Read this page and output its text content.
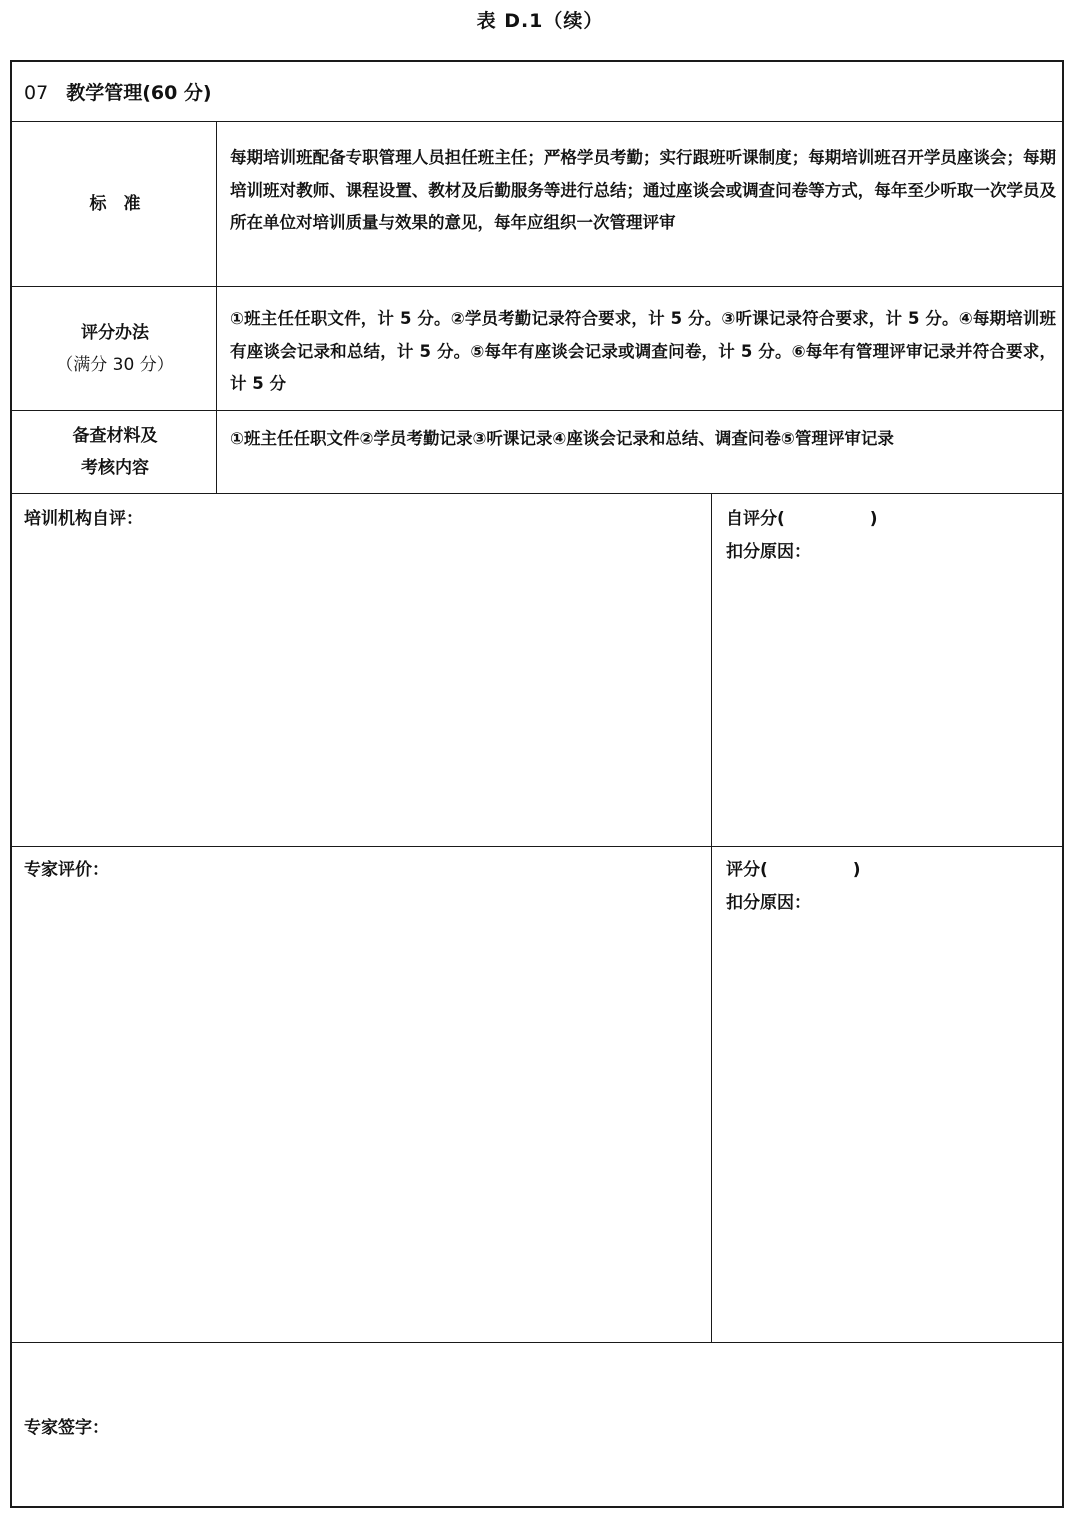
表 D.1（续）
07 教学管理(60 分)
标　准
每期培训班配备专职管理人员担任班主任；严格学员考勤；实行跟班听课制度；每期培训班召开学员座谈会；每期培训班对教师、课程设置、教材及后勤服务等进行总结；通过座谈会或调查问卷等方式，每年至少听取一次学员及所在单位对培训质量与效果的意见，每年应组织一次管理评审
评分办法
（满分 30 分）
①班主任任职文件，计 5 分。②学员考勤记录符合要求，计 5 分。③听课记录符合要求，计 5 分。④每期培训班有座谈会记录和总结，计 5 分。⑤每年有座谈会记录或调查问卷，计 5 分。⑥每年有管理评审记录并符合要求，计 5 分
备查材料及
考核内容
①班主任任职文件②学员考勤记录③听课记录④座谈会记录和总结、调查问卷⑤管理评审记录
培训机构自评：	自评分(　　　　　)
扣分原因：
专家评价：	评分(　　　　　)
扣分原因：
专家签字：
